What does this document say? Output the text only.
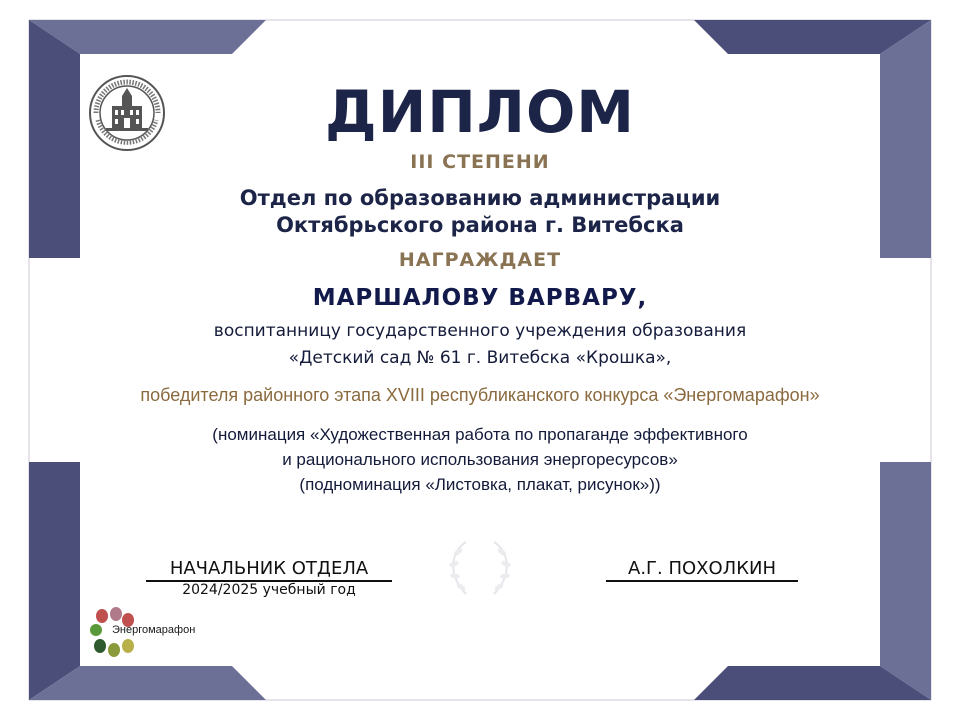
ДИПЛОМ

III СТЕПЕНИ

Отдел по образованию администрации

Октябрьского района г. Витебска

НАГРАЖДАЕТ

МАРШАЛОВУ ВАРВАРУ,

воспитанницу государственного учреждения образования

«Детский сад № 61 г. Витебска «Крошка»,

победителя районного этапа XVIII республиканского конкурса «Энергомарафон»

(номинация «Художественная работа по пропаганде эффективного

и рационального использования энергоресурсов»

(подноминация «Листовка, плакат, рисунок»))

НАЧАЛЬНИК ОТДЕЛА
2024/2025 учебный год
А.Г. ПОХОЛКИН
Энергомарафон
